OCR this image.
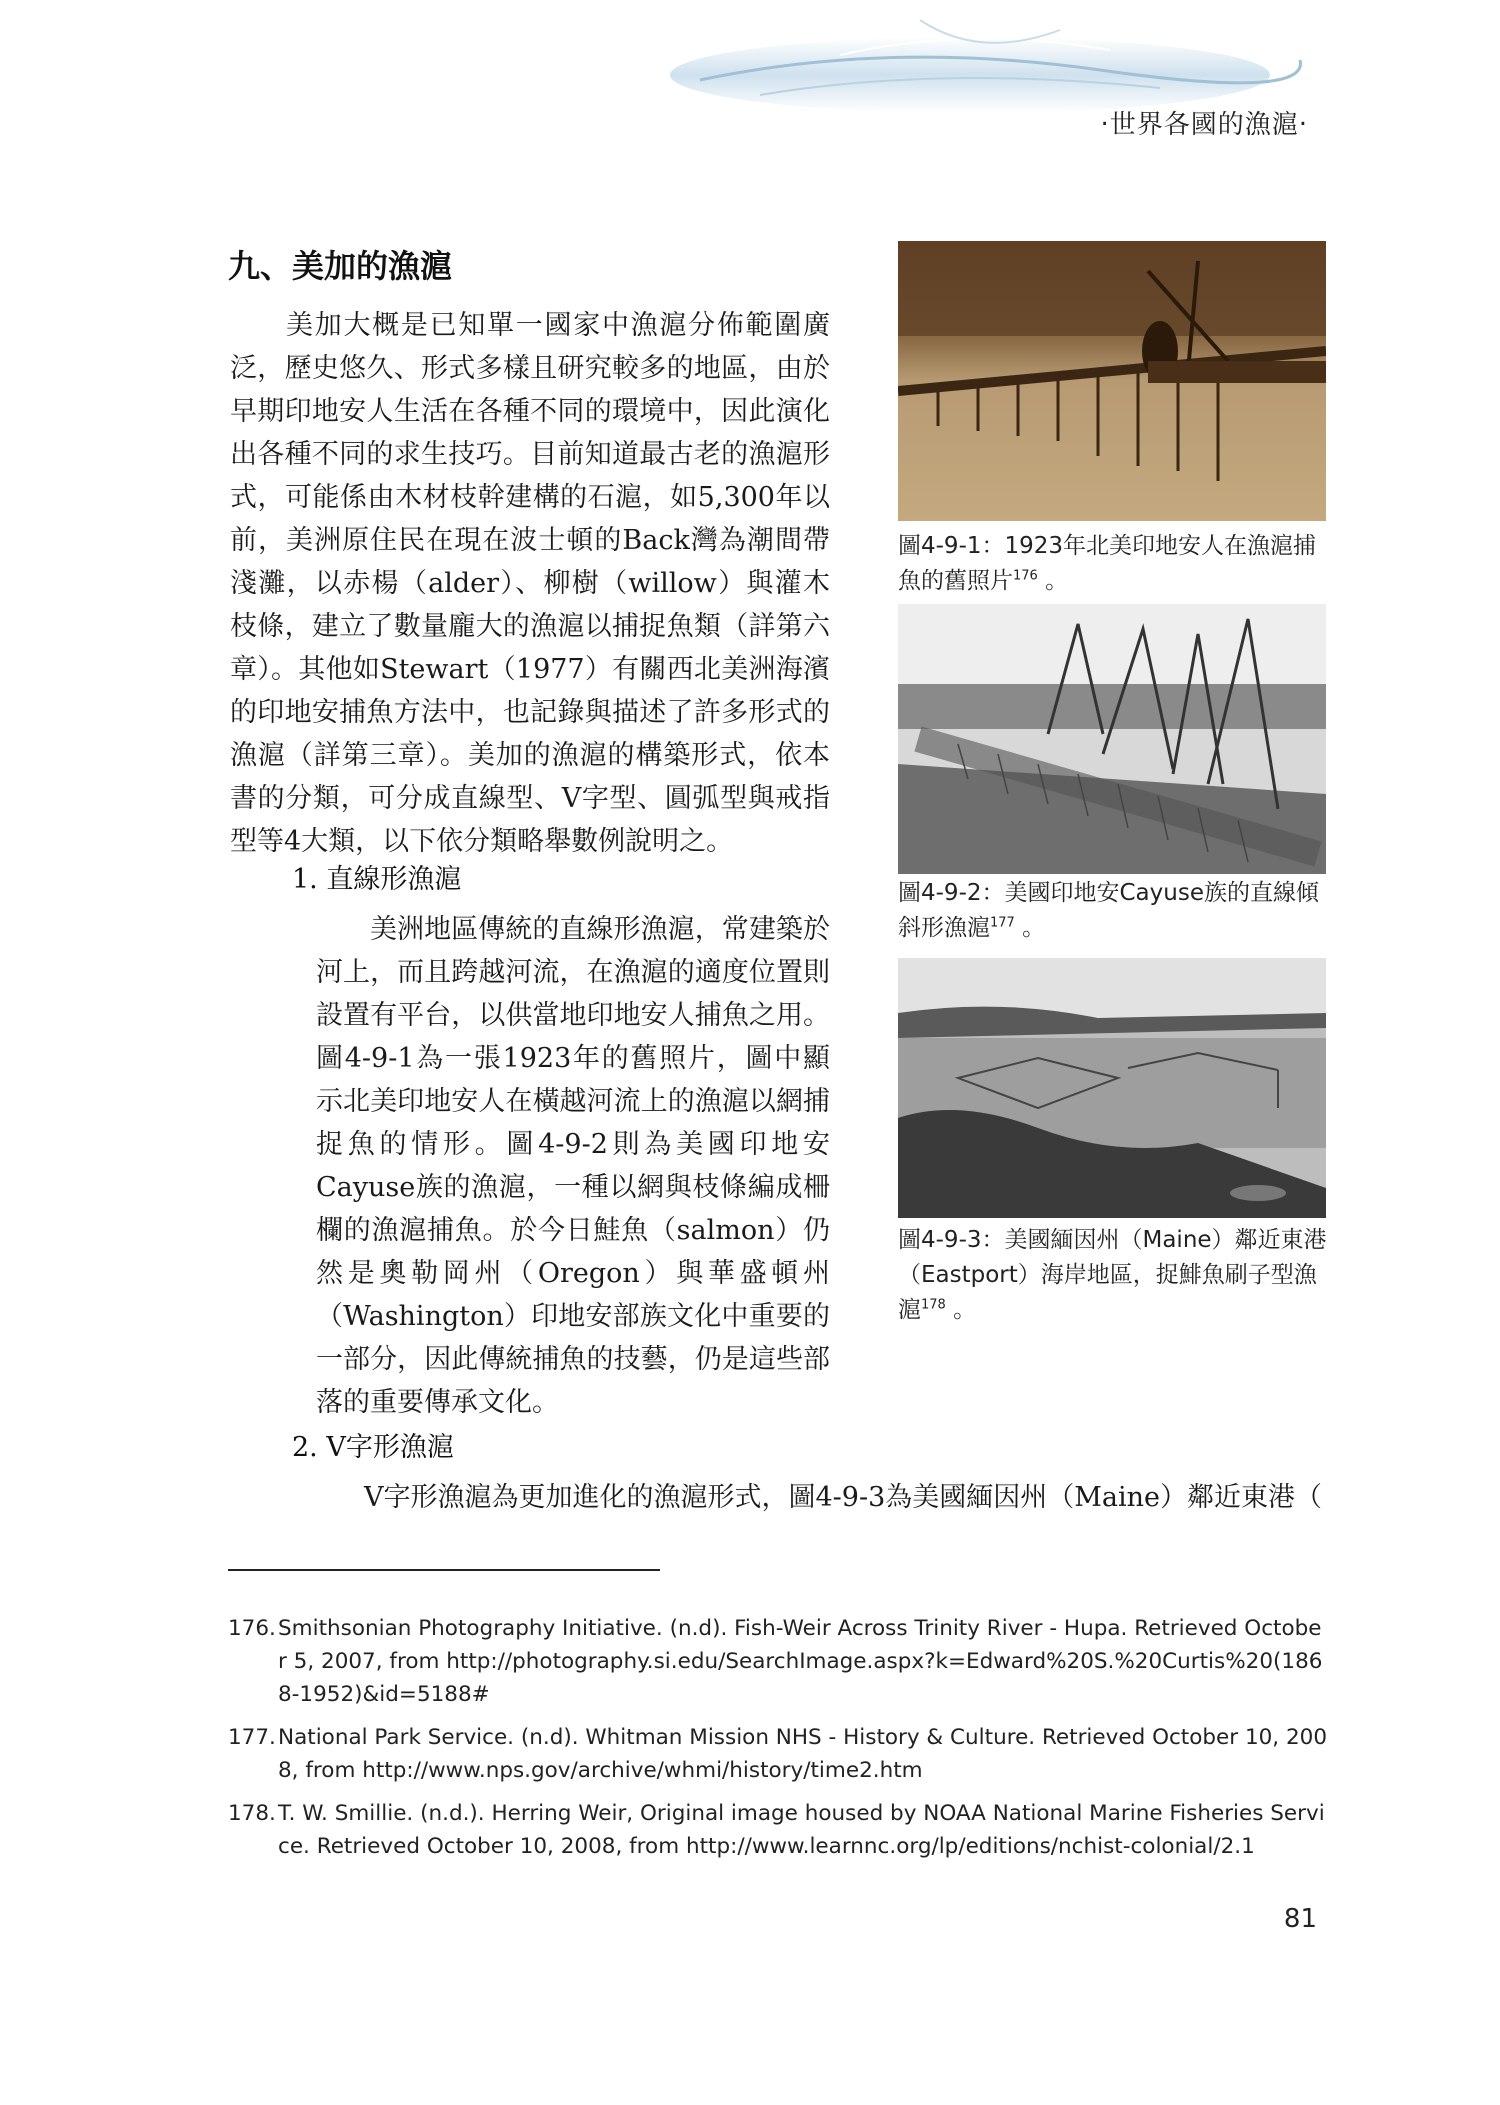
‧世界各國的漁滬‧
九、美加的漁滬

美加大概是已知單一國家中漁滬分佈範圍廣泛，歷史悠久、形式多樣且研究較多的地區，由於早期印地安人生活在各種不同的環境中，因此演化出各種不同的求生技巧。目前知道最古老的漁滬形式，可能係由木材枝幹建構的石滬，如5,300年以前，美洲原住民在現在波士頓的Back灣為潮間帶淺灘，以赤楊（alder）、柳樹（willow）與灌木枝條，建立了數量龐大的漁滬以捕捉魚類（詳第六章）。其他如Stewart（1977）有關西北美洲海濱的印地安捕魚方法中，也記錄與描述了許多形式的漁滬（詳第三章）。美加的漁滬的構築形式，依本書的分類，可分成直線型、V字型、圓弧型與戒指型等4大類，以下依分類略舉數例說明之。

1. 直線形漁滬

美洲地區傳統的直線形漁滬，常建築於河上，而且跨越河流，在漁滬的適度位置則設置有平台，以供當地印地安人捕魚之用。圖4-9-1為一張1923年的舊照片，圖中顯示北美印地安人在橫越河流上的漁滬以網捕捉魚的情形。圖4-9-2則為美國印地安Cayuse族的漁滬，一種以網與枝條編成柵欄的漁滬捕魚。於今日鮭魚（salmon）仍然是奧勒岡州（Oregon）與華盛頓州（Washington）印地安部族文化中重要的一部分，因此傳統捕魚的技藝，仍是這些部落的重要傳承文化。

2. V字形漁滬

V字形漁滬為更加進化的漁滬形式，圖4-9-3為美國緬因州（Maine）鄰近東港（

圖4-9-1：1923年北美印地安人在漁滬捕魚的舊照片$^{176}$ 。
圖4-9-2：美國印地安Cayuse族的直線傾斜形漁滬$^{177}$ 。
圖4-9-3：美國緬因州（Maine）鄰近東港（Eastport）海岸地區，捉鯡魚刷子型漁滬$^{178}$ 。
176. Smithsonian Photography Initiative. (n.d). Fish-Weir Across Trinity River - Hupa. Retrieved October 5, 2007, from http://photography.si.edu/SearchImage.aspx?k=Edward%20S.%20Curtis%20(1868-1952)&id=5188#
177. National Park Service. (n.d). Whitman Mission NHS - History & Culture. Retrieved October 10, 2008, from http://www.nps.gov/archive/whmi/history/time2.htm
178. T. W. Smillie. (n.d.). Herring Weir, Original image housed by NOAA National Marine Fisheries Service. Retrieved October 10, 2008, from http://www.learnnc.org/lp/editions/nchist-colonial/2.1
81
